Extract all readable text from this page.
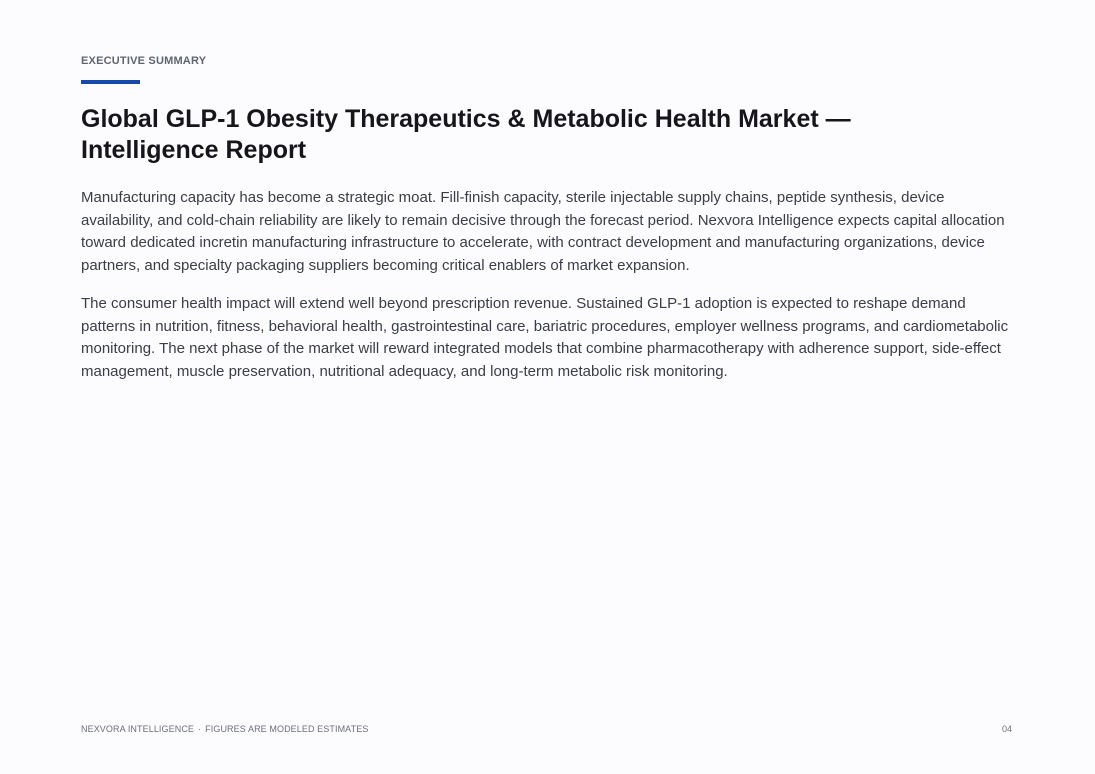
EXECUTIVE SUMMARY
Global GLP-1 Obesity Therapeutics & Metabolic Health Market — Intelligence Report

Manufacturing capacity has become a strategic moat. Fill-finish capacity, sterile injectable supply chains, peptide synthesis, device availability, and cold-chain reliability are likely to remain decisive through the forecast period. Nexvora Intelligence expects capital allocation toward dedicated incretin manufacturing infrastructure to accelerate, with contract development and manufacturing organizations, device partners, and specialty packaging suppliers becoming critical enablers of market expansion.

The consumer health impact will extend well beyond prescription revenue. Sustained GLP-1 adoption is expected to reshape demand patterns in nutrition, fitness, behavioral health, gastrointestinal care, bariatric procedures, employer wellness programs, and cardiometabolic monitoring. The next phase of the market will reward integrated models that combine pharmacotherapy with adherence support, side-effect management, muscle preservation, nutritional adequacy, and long-term metabolic risk monitoring.

NEXVORA INTELLIGENCE · FIGURES ARE MODELED ESTIMATES	04
